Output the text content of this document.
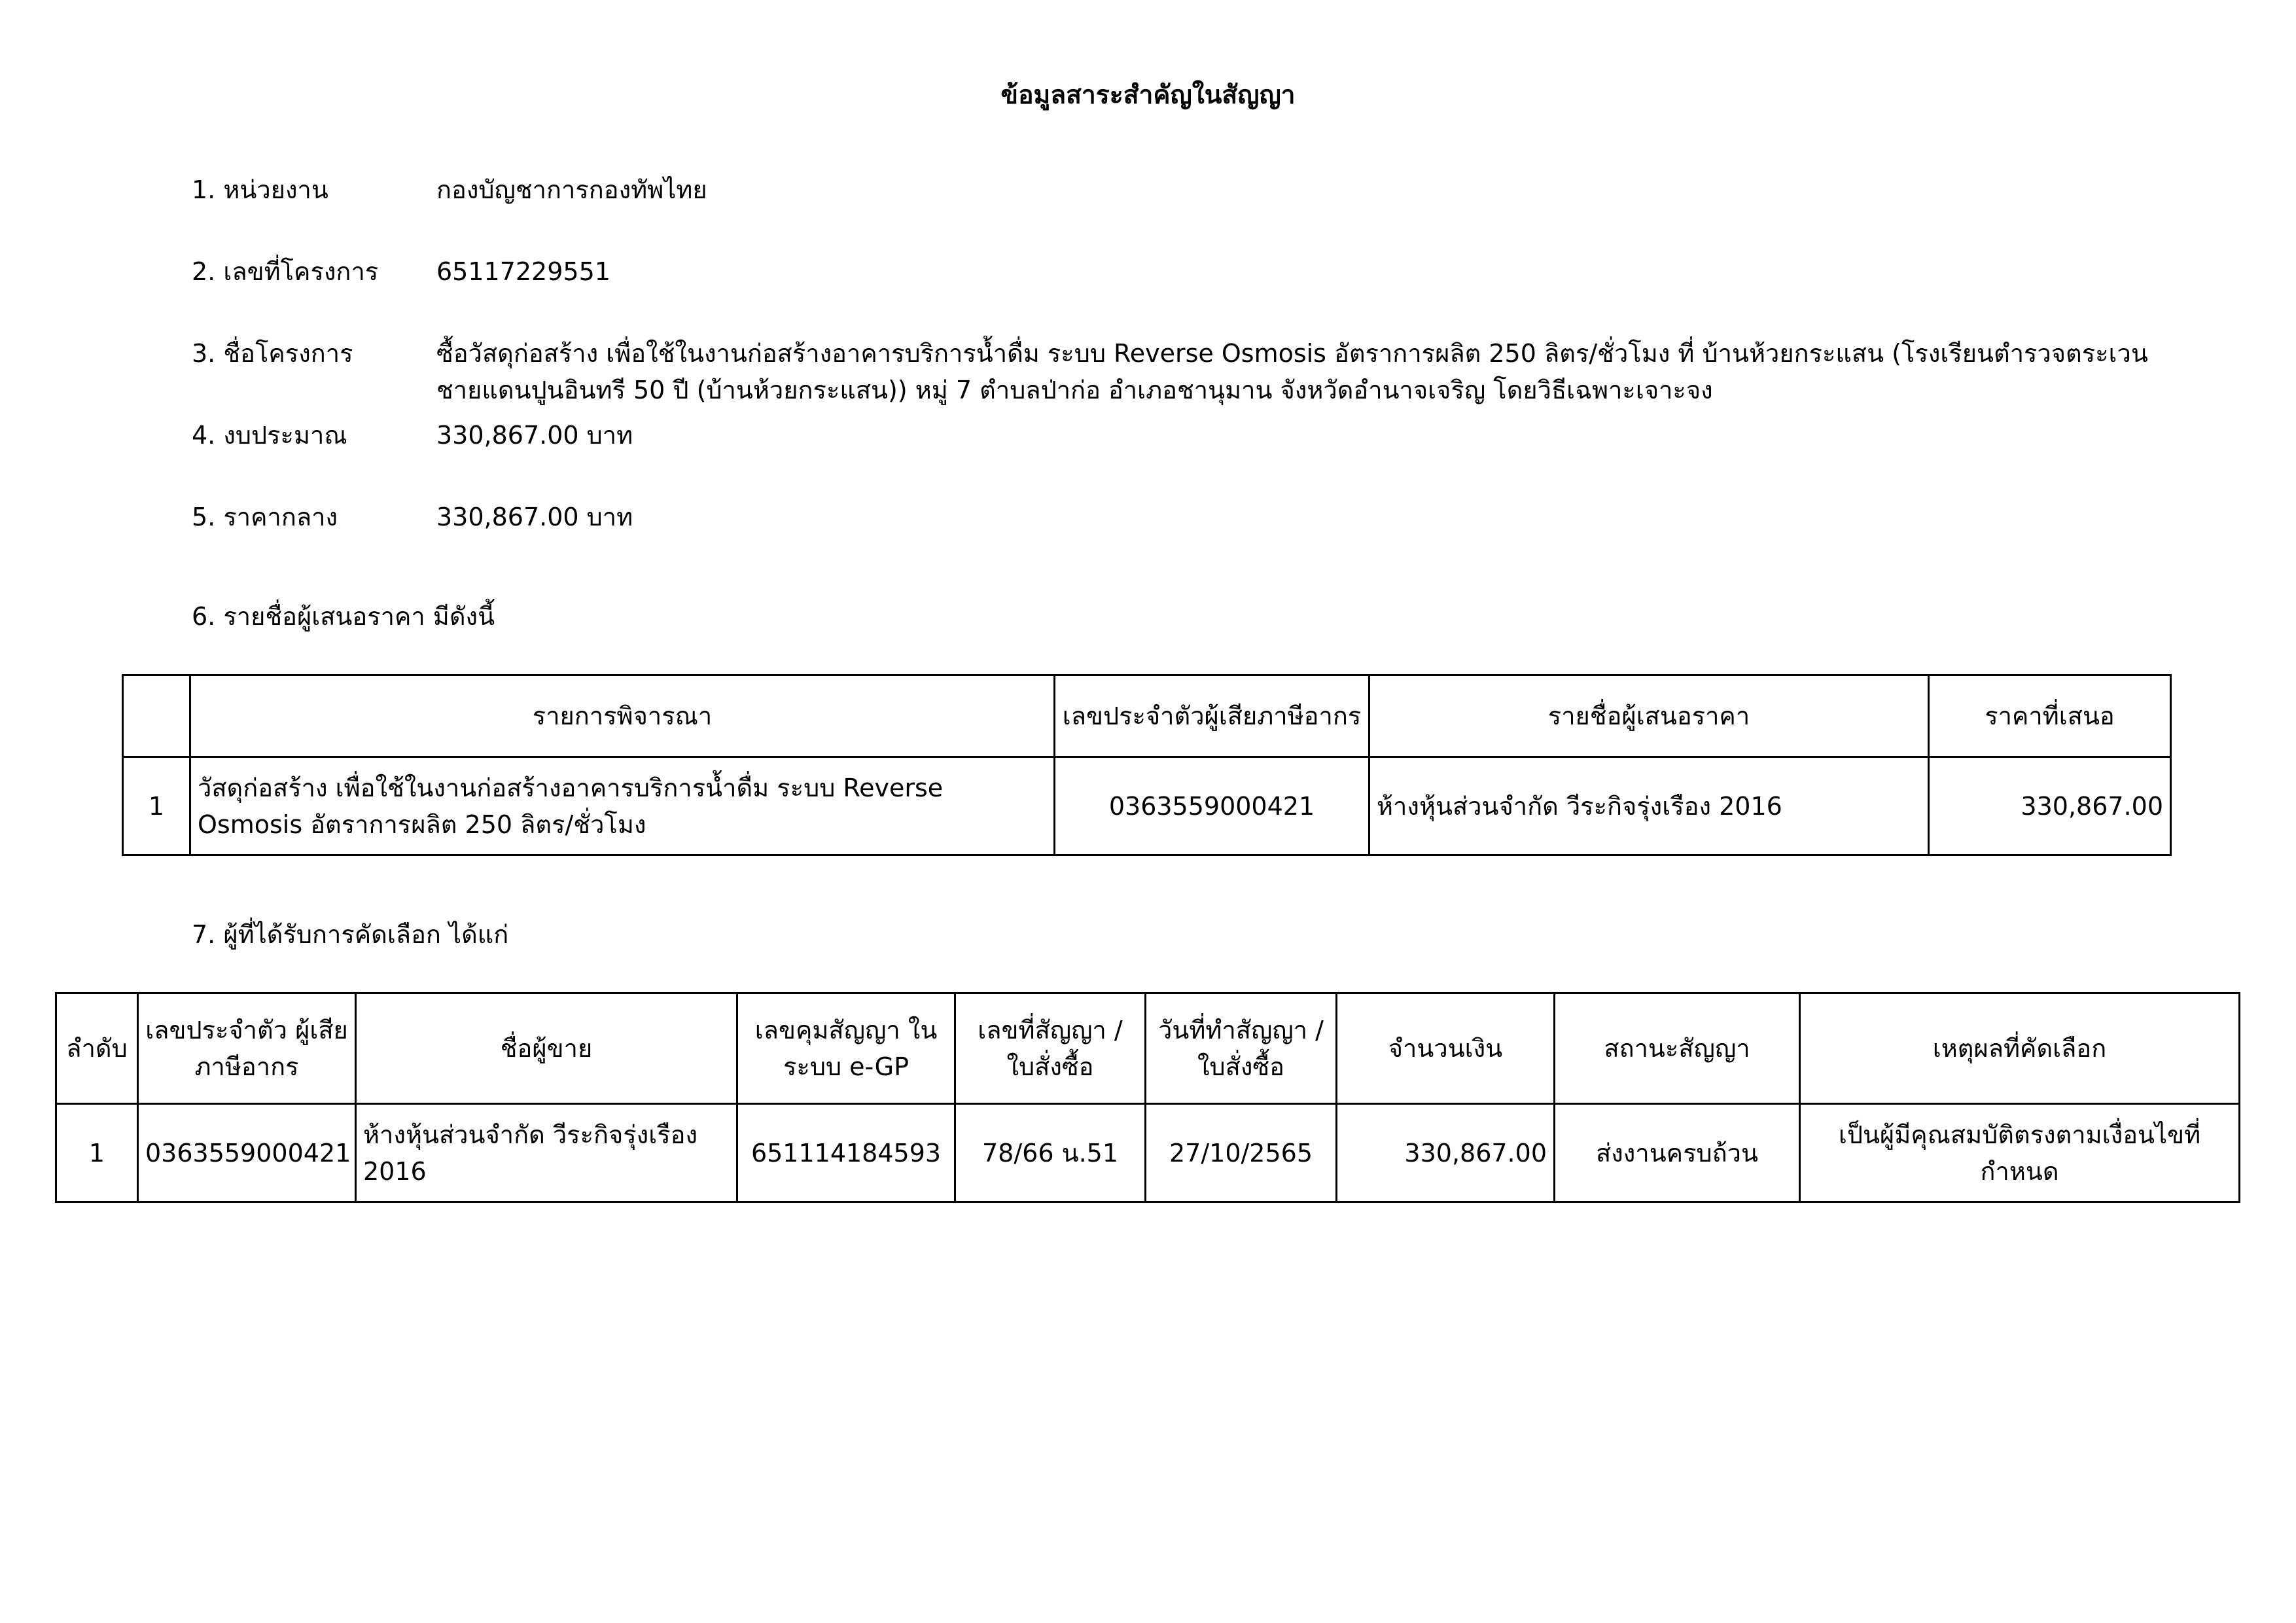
ข้อมูลสาระสำคัญในสัญญา
1. หน่วยงาน	กองบัญชาการกองทัพไทย
2. เลขที่โครงการ 65117229551
3. ชื่อโครงการ	ซื้อวัสดุก่อสร้าง เพื่อใช้ในงานก่อสร้างอาคารบริการน้ำดื่ม ระบบ Reverse Osmosis อัตราการผลิต 250 ลิตร/ชั่วโมง ที่ บ้านห้วยกระแสน (โรงเรียนตำรวจตระเวนชายแดนปูนอินทรี 50 ปี (บ้านห้วยกระแสน)) หมู่ 7 ตำบลป่าก่อ อำเภอชานุมาน จังหวัดอำนาจเจริญ โดยวิธีเฉพาะเจาะจง
4. งบประมาณ	330,867.00 บาท
5. ราคากลาง	330,867.00 บาท
6. รายชื่อผู้เสนอราคา มีดังนี้
	รายการพิจารณา	เลขประจำตัวผู้เสียภาษีอากร	รายชื่อผู้เสนอราคา	ราคาที่เสนอ
1	วัสดุก่อสร้าง เพื่อใช้ในงานก่อสร้างอาคารบริการน้ำดื่ม ระบบ Reverse Osmosis อัตราการผลิต 250 ลิตร/ชั่วโมง	0363559000421	ห้างหุ้นส่วนจำกัด วีระกิจรุ่งเรือง 2016	330,867.00
7. ผู้ที่ได้รับการคัดเลือก ได้แก่
ลำดับ	เลขประจำตัว ผู้เสียภาษีอากร	ชื่อผู้ขาย	เลขคุมสัญญา ในระบบ e-GP	เลขที่สัญญา / ใบสั่งซื้อ	วันที่ทำสัญญา / ใบสั่งซื้อ	จำนวนเงิน	สถานะสัญญา	เหตุผลที่คัดเลือก
1	0363559000421	ห้างหุ้นส่วนจำกัด วีระกิจรุ่งเรือง 2016	651114184593	78/66 น.51	27/10/2565	330,867.00	ส่งงานครบถ้วน	เป็นผู้มีคุณสมบัติตรงตามเงื่อนไขที่กำหนด
